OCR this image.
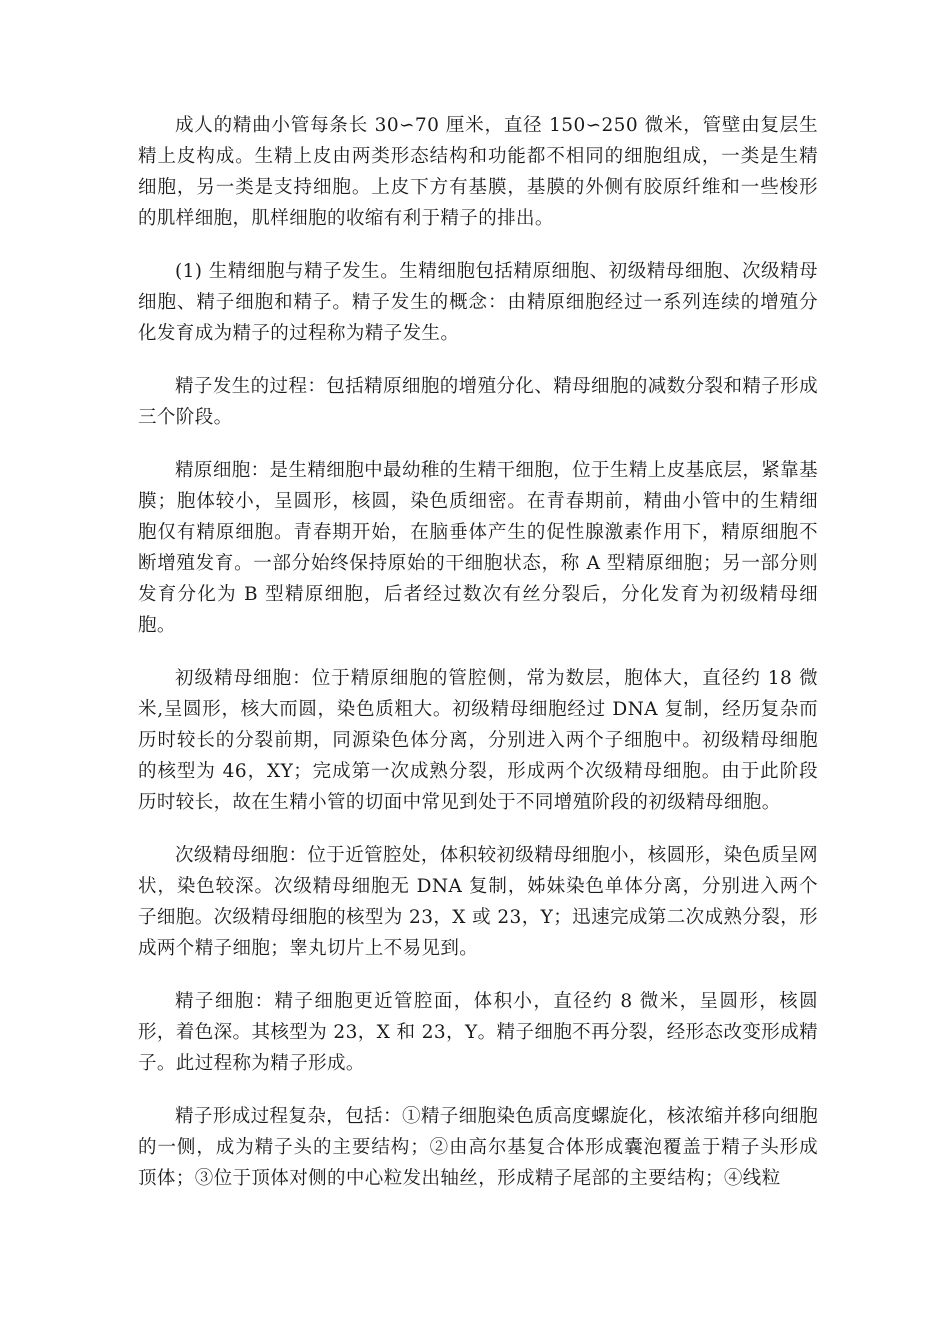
成人的精曲小管每条长 30∽70 厘米，直径 150∽250 微米，管壁由复层生精上皮构成。生精上皮由两类形态结构和功能都不相同的细胞组成，一类是生精细胞，另一类是支持细胞。上皮下方有基膜，基膜的外侧有胶原纤维和一些梭形的肌样细胞，肌样细胞的收缩有利于精子的排出。

(1) 生精细胞与精子发生。生精细胞包括精原细胞、初级精母细胞、次级精母细胞、精子细胞和精子。精子发生的概念：由精原细胞经过一系列连续的增殖分化发育成为精子的过程称为精子发生。

精子发生的过程：包括精原细胞的增殖分化、精母细胞的减数分裂和精子形成三个阶段。

精原细胞：是生精细胞中最幼稚的生精干细胞，位于生精上皮基底层，紧靠基膜；胞体较小，呈圆形，核圆，染色质细密。在青春期前，精曲小管中的生精细胞仅有精原细胞。青春期开始，在脑垂体产生的促性腺激素作用下，精原细胞不断增殖发育。一部分始终保持原始的干细胞状态，称 A 型精原细胞；另一部分则发育分化为 B 型精原细胞，后者经过数次有丝分裂后，分化发育为初级精母细胞。

初级精母细胞：位于精原细胞的管腔侧，常为数层，胞体大，直径约 18 微米,呈圆形，核大而圆，染色质粗大。初级精母细胞经过 DNA 复制，经历复杂而历时较长的分裂前期，同源染色体分离，分别进入两个子细胞中。初级精母细胞的核型为 46，XY；完成第一次成熟分裂，形成两个次级精母细胞。由于此阶段历时较长，故在生精小管的切面中常见到处于不同增殖阶段的初级精母细胞。

次级精母细胞：位于近管腔处，体积较初级精母细胞小，核圆形，染色质呈网状，染色较深。次级精母细胞无 DNA 复制，姊妹染色单体分离，分别进入两个子细胞。次级精母细胞的核型为 23，X 或 23，Y；迅速完成第二次成熟分裂，形成两个精子细胞；睾丸切片上不易见到。

精子细胞：精子细胞更近管腔面，体积小，直径约 8 微米，呈圆形，核圆形，着色深。其核型为 23，X 和 23，Y。精子细胞不再分裂，经形态改变形成精子。此过程称为精子形成。

精子形成过程复杂，包括：①精子细胞染色质高度螺旋化，核浓缩并移向细胞的一侧，成为精子头的主要结构；②由高尔基复合体形成囊泡覆盖于精子头形成顶体；③位于顶体对侧的中心粒发出轴丝，形成精子尾部的主要结构；④线粒
